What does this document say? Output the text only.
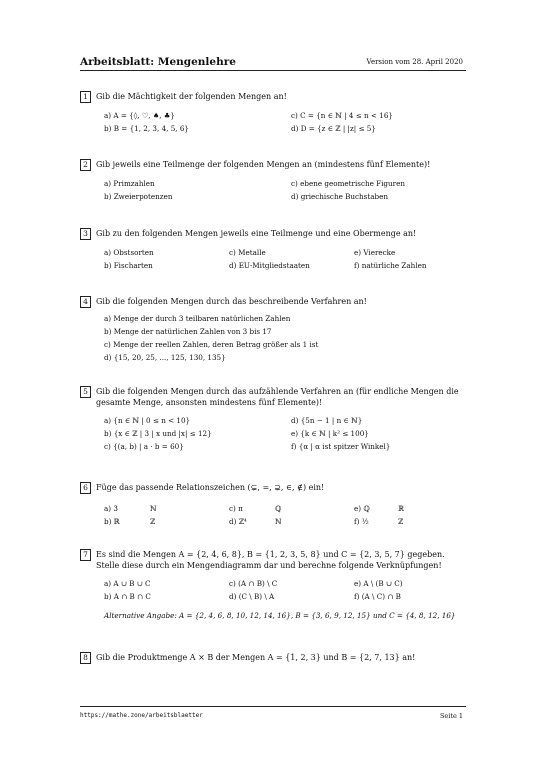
Arbeitsblatt: Mengenlehre	Version vom 28. April 2020
1	Gib die Mächtigkeit der folgenden Mengen an!
a) A = {◊, ♡, ♠, ♣}	c) C = {n ∈ ℕ | 4 ≤ n < 16}
b) B = {1, 2, 3, 4, 5, 6}	d) D = {z ∈ ℤ | |z| ≤ 5}
2	Gib jeweils eine Teilmenge der folgenden Mengen an (mindestens fünf Elemente)!
a) Primzahlen	c) ebene geometrische Figuren
b) Zweierpotenzen	d) griechische Buchstaben
3	Gib zu den folgenden Mengen jeweils eine Teilmenge und eine Obermenge an!
a) Obstsorten	c) Metalle	e) Vierecke
b) Fischarten	d) EU-Mitgliedstaaten	f) natürliche Zahlen
4	Gib die folgenden Mengen durch das beschreibende Verfahren an!
a) Menge der durch 3 teilbaren natürlichen Zahlen
b) Menge der natürlichen Zahlen von 3 bis 17
c) Menge der reellen Zahlen, deren Betrag größer als 1 ist
d) {15, 20, 25, ..., 125, 130, 135}
5	Gib die folgenden Mengen durch das aufzählende Verfahren an (für endliche Mengen die gesamte Menge, ansonsten mindestens fünf Elemente)!
a) {n ∈ ℕ | 0 ≤ n < 10}	d) {5n − 1 | n ∈ ℕ}
b) {x ∈ ℤ | 3 | x und |x| ≤ 12}	e) {k ∈ ℕ | k² ≤ 100}
c) {(a, b) | a · b = 60}	f) {α | α ist spitzer Winkel}
6	Füge das passende Relationszeichen (⊊, =, ⊋, ∈, ∉) ein!
a) 3	ℕ	c) π	ℚ	e) ℚ	ℝ
b) ℝ	ℤ	d) ℤ⁴	ℕ	f) ½	ℤ
7	Es sind die Mengen A = {2, 4, 6, 8}, B = {1, 2, 3, 5, 8} und C = {2, 3, 5, 7} gegeben. Stelle diese durch ein Mengendiagramm dar und berechne folgende Verknüpfungen!
a) A ∪ B ∪ C	c) (A ∩ B) \ C	e) A \ (B ∪ C)
b) A ∩ B ∩ C	d) (C \ B) \ A	f) (A \ C) ∩ B
Alternative Angabe: A = {2, 4, 6, 8, 10, 12, 14, 16}, B = {3, 6, 9, 12, 15} und C = {4, 8, 12, 16}
8	Gib die Produktmenge A × B der Mengen A = {1, 2, 3} und B = {2, 7, 13} an!
https://mathe.zone/arbeitsblaetter	Seite 1
